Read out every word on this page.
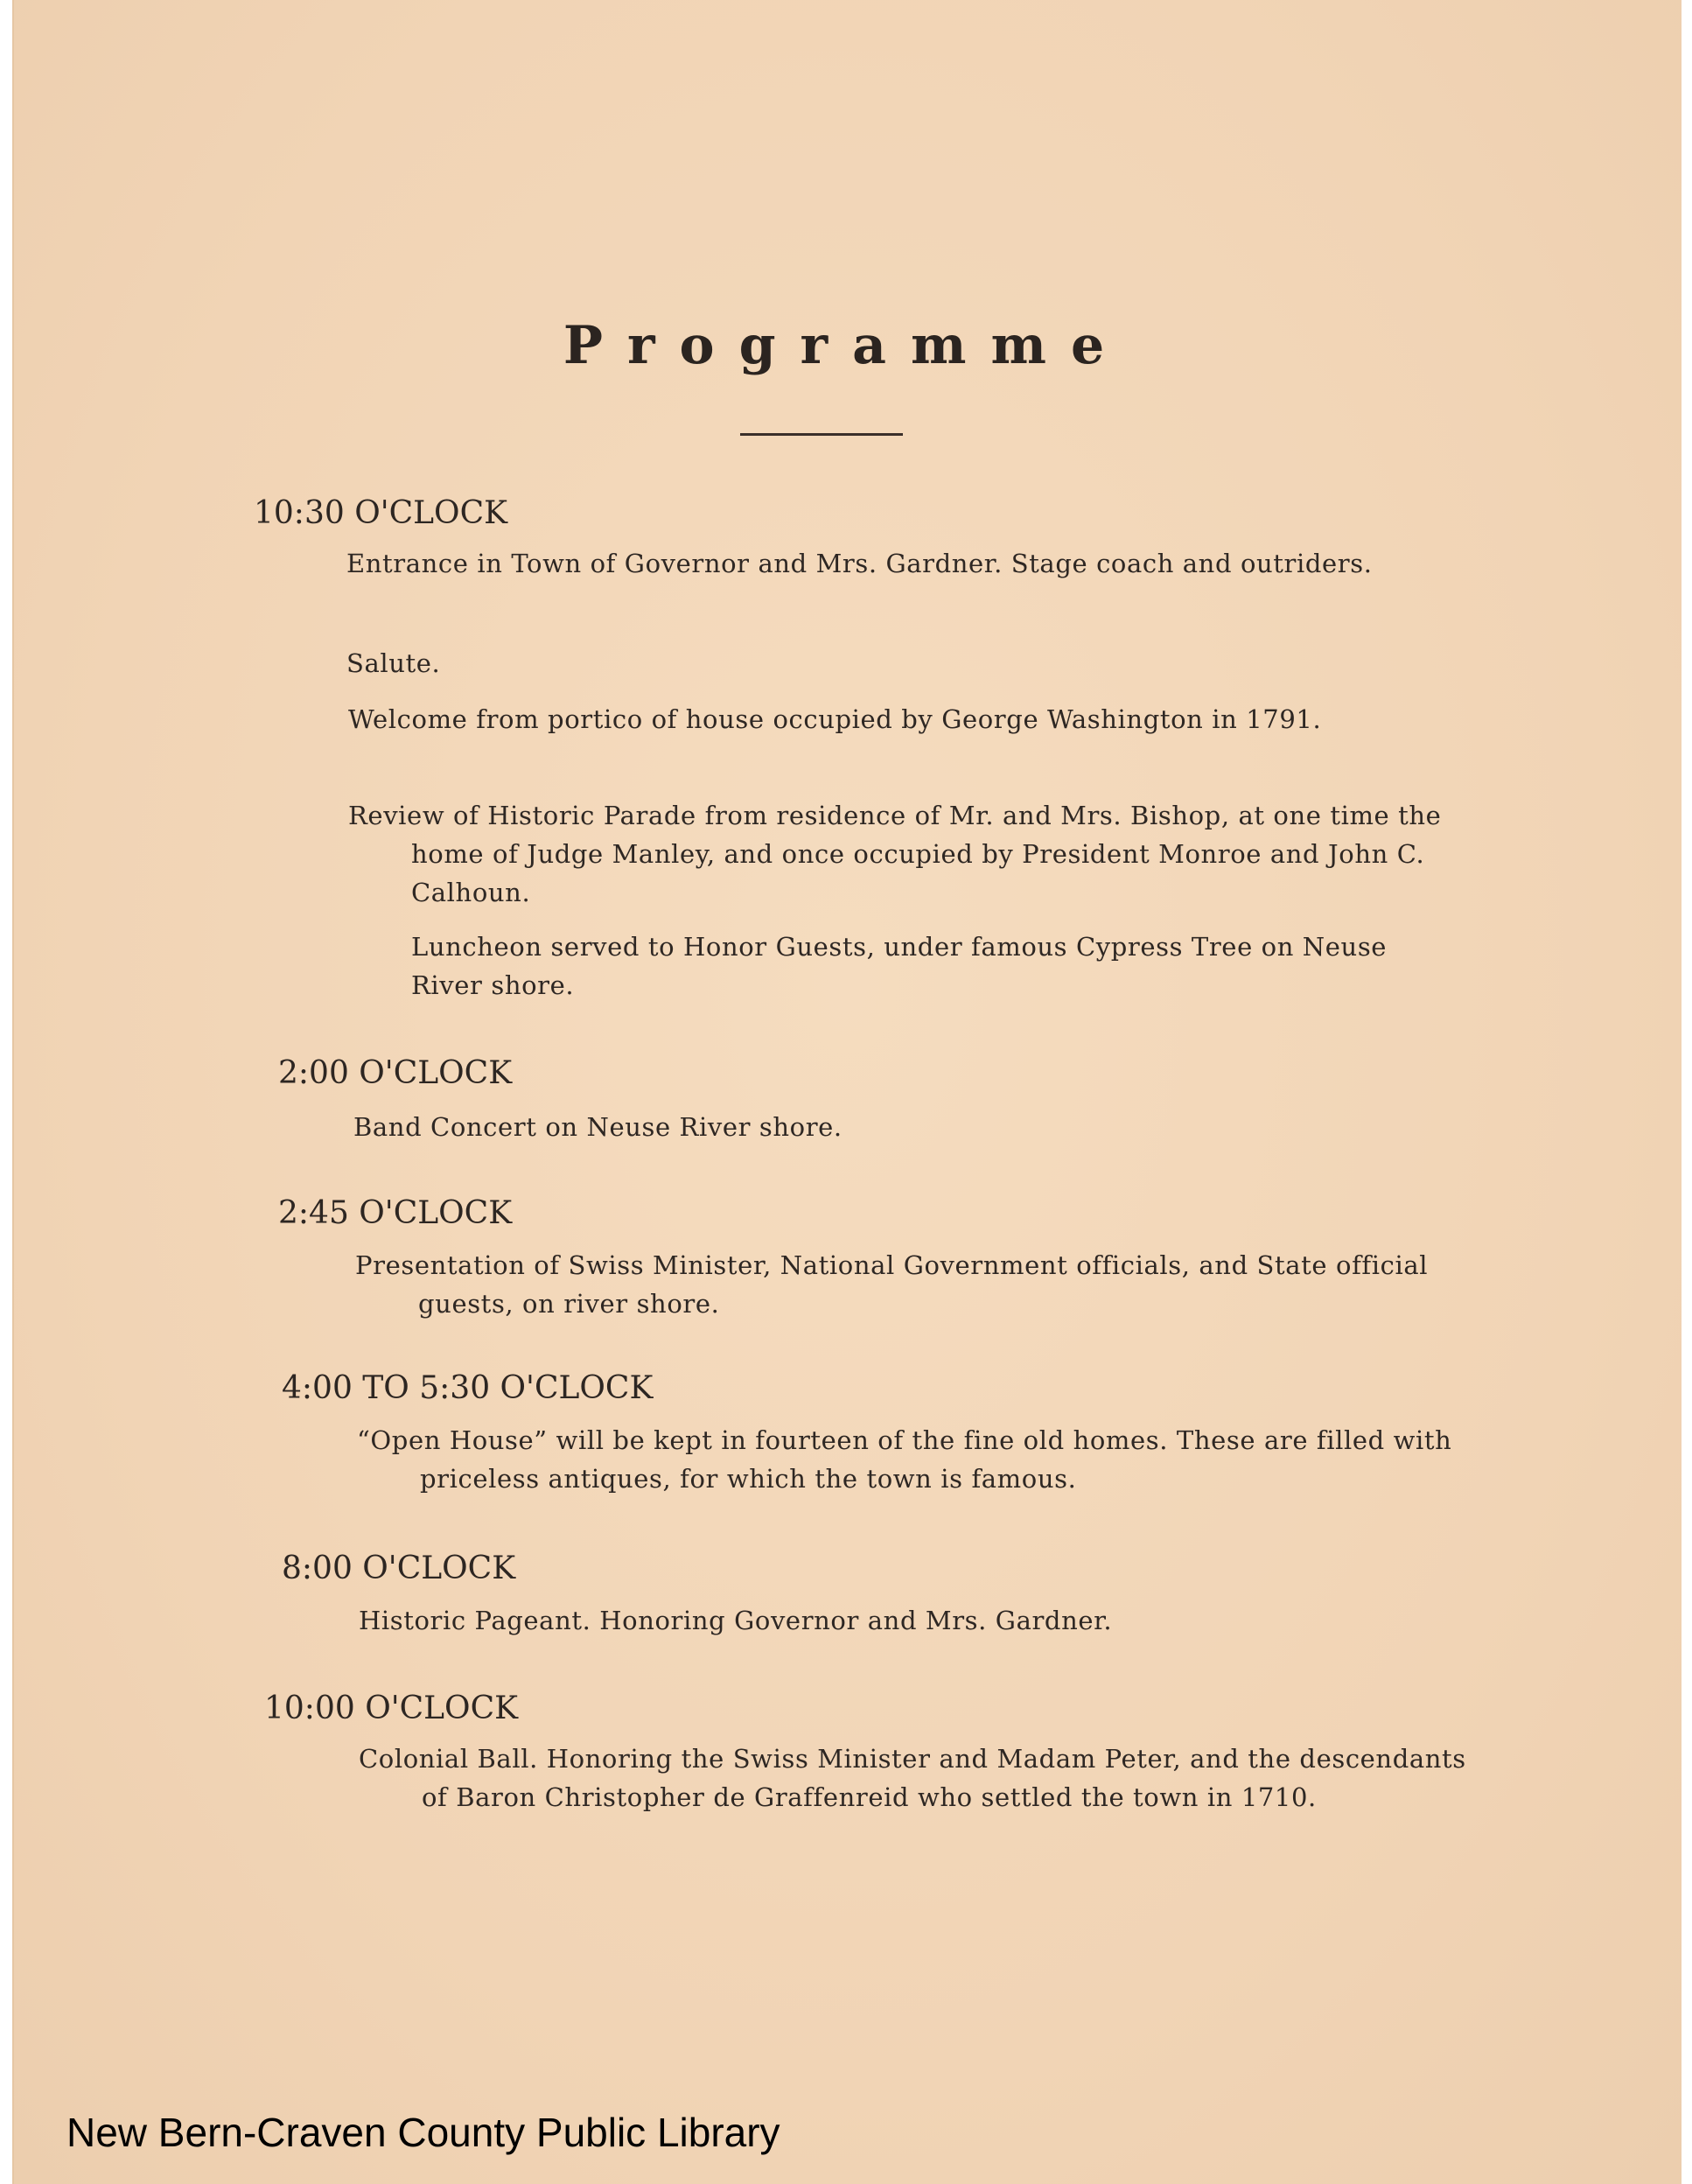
Programme
10:30 O'CLOCK
Entrance in Town of Governor and Mrs. Gardner. Stage coach and outriders.
Salute.
Welcome from portico of house occupied by George Washington in 1791.
Review of Historic Parade from residence of Mr. and Mrs. Bishop, at one time the home of Judge Manley, and once occupied by President Monroe and John C. Calhoun.
Luncheon served to Honor Guests, under famous Cypress Tree on Neuse River shore.
2:00 O'CLOCK
Band Concert on Neuse River shore.
2:45 O'CLOCK
Presentation of Swiss Minister, National Government officials, and State official guests, on river shore.
4:00 TO 5:30 O'CLOCK
“Open House” will be kept in fourteen of the fine old homes. These are filled with priceless antiques, for which the town is famous.
8:00 O'CLOCK
Historic Pageant. Honoring Governor and Mrs. Gardner.
10:00 O'CLOCK
Colonial Ball. Honoring the Swiss Minister and Madam Peter, and the descendants of Baron Christopher de Graffenreid who settled the town in 1710.
New Bern-Craven County Public Library
